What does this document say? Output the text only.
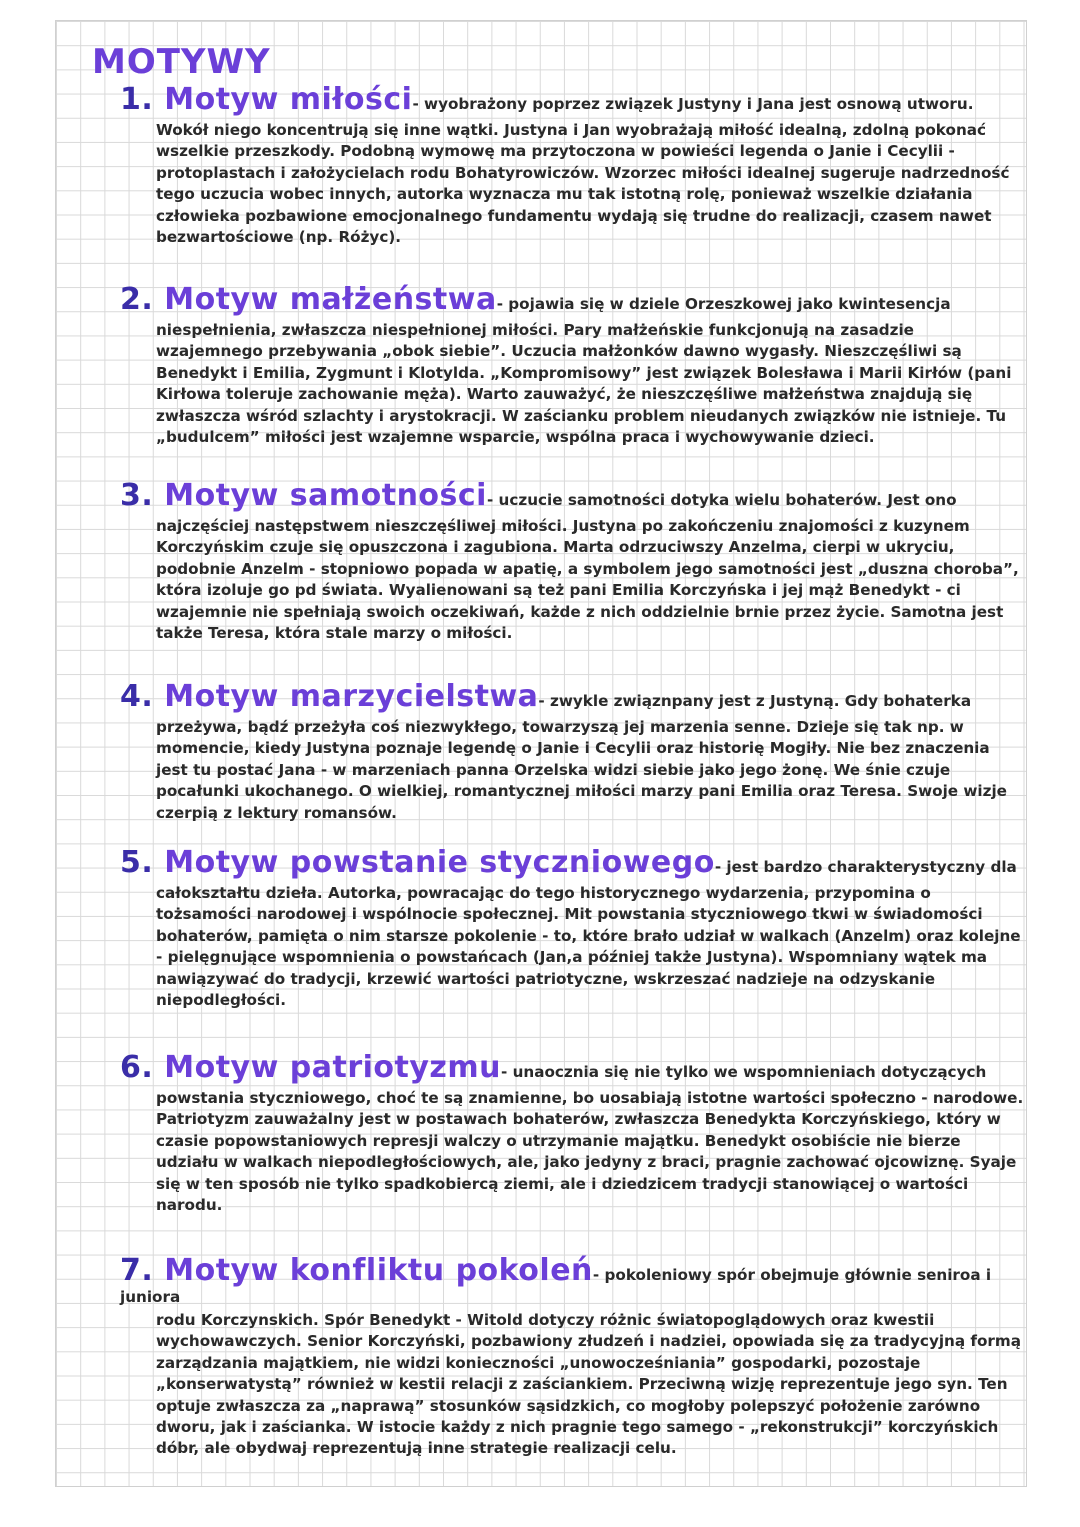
MOTYWY
1. Motyw miłości- wyobrażony poprzez związek Justyny i Jana jest osnową utworu.
Wokół niego koncentrują się inne wątki. Justyna i Jan wyobrażają miłość idealną, zdolną pokonać wszelkie przeszkody. Podobną wymowę ma przytoczona w powieści legenda o Janie i Cecylii - protoplastach i założycielach rodu Bohatyrowiczów. Wzorzec miłości idealnej sugeruje nadrzedność tego uczucia wobec innych, autorka wyznacza mu tak istotną rolę, ponieważ wszelkie działania człowieka pozbawione emocjonalnego fundamentu wydają się trudne do realizacji, czasem nawet bezwartościowe (np. Różyc).
2. Motyw małżeństwa- pojawia się w dziele Orzeszkowej jako kwintesencja
niespełnienia, zwłaszcza niespełnionej miłości. Pary małżeńskie funkcjonują na zasadzie wzajemnego przebywania „obok siebie”. Uczucia małżonków dawno wygasły. Nieszczęśliwi są Benedykt i Emilia, Zygmunt i Klotylda. „Kompromisowy” jest związek Bolesława i Marii Kirłów (pani Kirłowa toleruje zachowanie męża). Warto zauważyć, że nieszczęśliwe małżeństwa znajdują się zwłaszcza wśród szlachty i arystokracji. W zaścianku problem nieudanych związków nie istnieje. Tu „budulcem” miłości jest wzajemne wsparcie, wspólna praca i wychowywanie dzieci.
3. Motyw samotności- uczucie samotności dotyka wielu bohaterów. Jest ono
najczęściej następstwem nieszczęśliwej miłości. Justyna po zakończeniu znajomości z kuzynem Korczyńskim czuje się opuszczona i zagubiona. Marta odrzuciwszy Anzelma, cierpi w ukryciu, podobnie Anzelm - stopniowo popada w apatię, a symbolem jego samotności jest „duszna choroba”, która izoluje go pd świata. Wyalienowani są też pani Emilia Korczyńska i jej mąż Benedykt - ci wzajemnie nie spełniają swoich oczekiwań, każde z nich oddzielnie brnie przez życie. Samotna jest także Teresa, która stale marzy o miłości.
4. Motyw marzycielstwa- zwykle związnpany jest z Justyną. Gdy bohaterka
przeżywa, bądź przeżyła coś niezwykłego, towarzyszą jej marzenia senne. Dzieje się tak np. w momencie, kiedy Justyna poznaje legendę o Janie i Cecylii oraz historię Mogiły. Nie bez znaczenia jest tu postać Jana - w marzeniach panna Orzelska widzi siebie jako jego żonę. We śnie czuje pocałunki ukochanego. O wielkiej, romantycznej miłości marzy pani Emilia oraz Teresa. Swoje wizje czerpią z lektury romansów.
5. Motyw powstanie styczniowego- jest bardzo charakterystyczny dla
całokształtu dzieła. Autorka, powracając do tego historycznego wydarzenia, przypomina o tożsamości narodowej i wspólnocie społecznej. Mit powstania styczniowego tkwi w świadomości bohaterów, pamięta o nim starsze pokolenie - to, które brało udział w walkach (Anzelm) oraz kolejne - pielęgnujące wspomnienia o powstańcach (Jan,a później także Justyna). Wspomniany wątek ma nawiązywać do tradycji, krzewić wartości patriotyczne, wskrzeszać nadzieje na odzyskanie niepodległości.
6. Motyw patriotyzmu- unaocznia się nie tylko we wspomnieniach dotyczących
powstania styczniowego, choć te są znamienne, bo uosabiają istotne wartości społeczno - narodowe. Patriotyzm zauważalny jest w postawach bohaterów, zwłaszcza Benedykta Korczyńskiego, który w czasie popowstaniowych represji walczy o utrzymanie majątku. Benedykt osobiście nie bierze udziału w walkach niepodległościowych, ale, jako jedyny z braci, pragnie zachować ojcowiznę. Syaje się w ten sposób nie tylko spadkobiercą ziemi, ale i dziedzicem tradycji stanowiącej o wartości narodu.
7. Motyw konfliktu pokoleń- pokoleniowy spór obejmuje głównie seniroa i juniora
rodu Korczynskich. Spór Benedykt - Witold dotyczy różnic światopoglądowych oraz kwestii wychowawczych. Senior Korczyński, pozbawiony złudzeń i nadziei, opowiada się za tradycyjną formą zarządzania majątkiem, nie widzi konieczności „unowocześniania” gospodarki, pozostaje „konserwatystą” również w kestii relacji z zaściankiem. Przeciwną wizję reprezentuje jego syn. Ten optuje zwłaszcza za „naprawą” stosunków sąsidzkich, co mogłoby polepszyć położenie zarówno dworu, jak i zaścianka. W istocie każdy z nich pragnie tego samego - „rekonstrukcji” korczyńskich dóbr, ale obydwaj reprezentują inne strategie realizacji celu.
